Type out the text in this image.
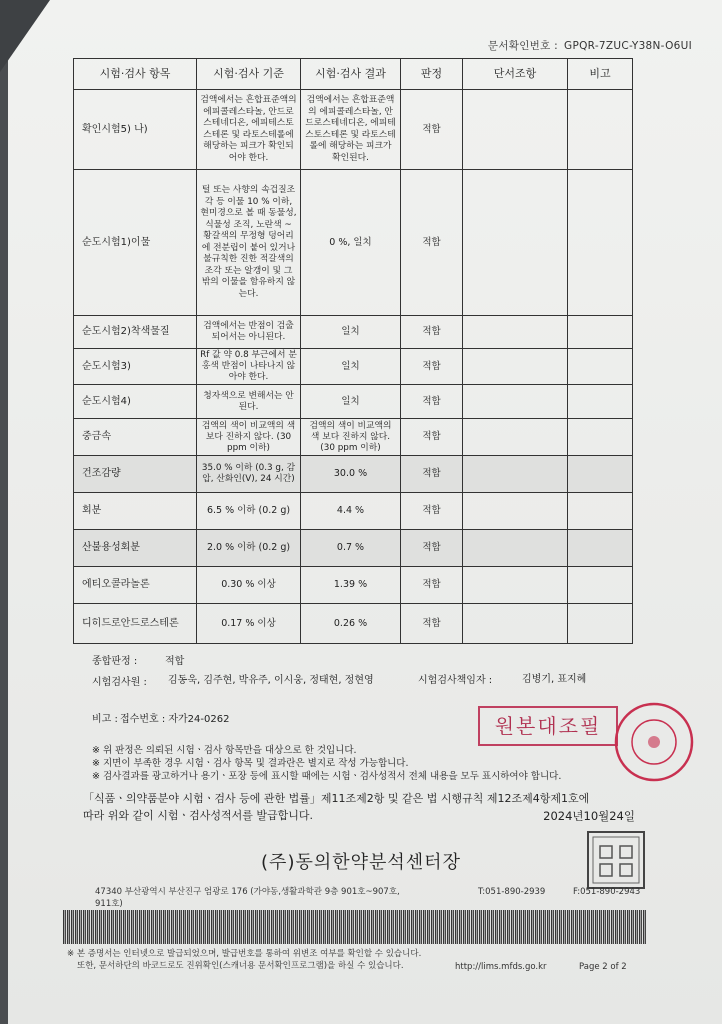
문서확인번호 : GPQR-7ZUC-Y38N-O6UI
시험·검사 항목	시험·검사 기준	시험·검사 결과	판정	단서조항	비고
확인시험5) 나)	검액에서는 흔합표준액의 에피콜레스타놀, 안드로스테네디온, 에피테스토스테론 및 라토스테롤에 해당하는 피크가 확인되어야 한다.	검액에서는 흔합표준액의 에피콜레스타놀, 안드로스테네디온, 에피테스토스테론 및 라토스테롤에 해당하는 피크가 확인된다.	적합		
순도시험1)이물	털 또는 사향의 속겁질조각 등 이물 10 % 이하, 현미경으로 볼 때 동물성, 식물성 조직, 노란색 ~ 황갈색의 무정형 덩어리에 전분립이 붙어 있거나 불규칙한 진한 적갈색의 조각 또는 알갱이 및 그 밖의 이물을 함유하지 않는다.	0 %, 일치	적합		
순도시험2)착색물질	검액에서는 반점이 검출되어서는 아니된다.	일치	적합		
순도시험3)	Rf 값 약 0.8 부근에서 분홍색 반점이 나타나지 않아야 한다.	일치	적합		
순도시험4)	청자색으로 변해서는 안된다.	일치	적합		
중금속	검액의 색이 비교액의 색 보다 진하지 않다. (30 ppm 이하)	검액의 색이 비교액의 색 보다 진하지 않다. (30 ppm 이하)	적합		
건조감량	35.0 % 이하 (0.3 g, 감압, 산화인(V), 24 시간)	30.0 %	적합		
회분	6.5 % 이하 (0.2 g)	4.4 %	적합		
산불용성회분	2.0 % 이하 (0.2 g)	0.7 %	적합		
에티오콜라놀론	0.30 % 이상	1.39 %	적합		
디히드로안드로스테론	0.17 % 이상	0.26 %	적합		
종합판정 :	적합
시험검사원 : 김동욱, 김주현, 박유주, 이시웅, 정태현, 정현영	시험검사책임자 :	김병기, 표지혜
비고 : 접수번호 : 자가24-0262	원본대조필
※ 위 판정은 의뢰된 시험ㆍ검사 항목만을 대상으로 한 것입니다.
※ 지면이 부족한 경우 시험ㆍ검사 항목 및 결과란은 별지로 작성 가능합니다.
※ 검사결과를 광고하거나 용기ㆍ포장 등에 표시할 때에는 시험ㆍ검사성적서 전체 내용을 모두 표시하여야 합니다.
「식품ㆍ의약품분야 시험ㆍ검사 등에 관한 법률」제11조제2항 및 같은 법 시행규칙 제12조제4항제1호에
따라 위와 같이 시험ㆍ검사성적서를 발급합니다.	2024년10월24일
(주)동의한약분석센터장
47340 부산광역시 부산진구 엄광로 176 (가야동,생활과학관 9층 901호~907호,
911호)
T:051-890-2939	F:051-890-2943
※ 본 증명서는 인터넷으로 발급되었으며, 발급번호를 통하여 위변조 여부를 확인할 수 있습니다.
또한, 문서하단의 바코드로도 진위확인(스캐너용 문서확인프로그램)을 하실 수 있습니다.	http://lims.mfds.go.kr	Page 2 of 2
